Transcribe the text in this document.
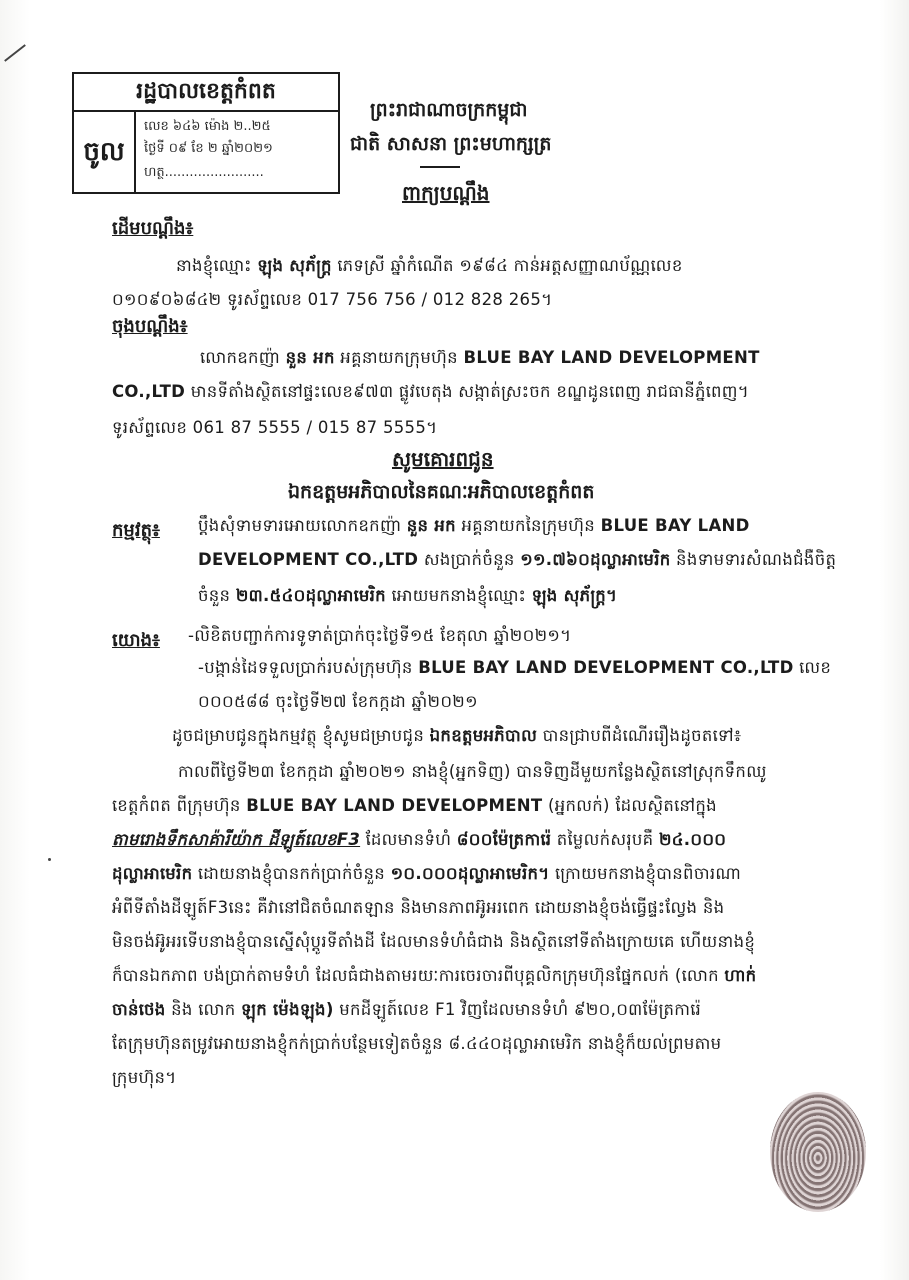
រដ្ឋបាលខេត្តកំពត
ចូល
លេខ ៦៤៦ ម៉ោង ២..២៥
ថ្ងៃទី ០៩ ខែ ២ ឆ្នាំ២០២១
ហត្ថ........................
ព្រះរាជាណាចក្រកម្ពុជា
ជាតិ សាសនា ព្រះមហាក្សត្រ
ពាក្យបណ្តឹង
ដើមបណ្តឹង៖
នាងខ្ញុំឈ្មោះ ឡុង សុភ័ក្រ្ត ភេទស្រី ឆ្នាំកំណើត ១៩៨៤ កាន់អត្តសញ្ញាណប័ណ្ណលេខ
០១០៩០៦៨៤២ ទូរស័ព្ទលេខ 017 756 756 / 012 828 265។
ចុងបណ្តឹង៖
លោកឧកញ៉ា នួន អក អគ្គនាយកក្រុមហ៊ុន BLUE BAY LAND DEVELOPMENT
CO.,LTD មានទីតាំងស្ថិតនៅផ្ទះលេខ៩៧៣ ផ្លូវបេតុង សង្កាត់ស្រះចក ខណ្ឌដូនពេញ រាជធានីភ្នំពេញ។
ទូរស័ព្ទលេខ 061 87 5555 / 015 87 5555។
សូមគោរពជូន
ឯកឧត្តមអភិបាលនៃគណៈអភិបាលខេត្តកំពត
កម្មវត្ថុ៖ ប្តឹងសុំទាមទារអោយលោកឧកញ៉ា នួន អក អគ្គនាយកនៃក្រុមហ៊ុន BLUE BAY LAND
DEVELOPMENT CO.,LTD សងប្រាក់ចំនួន ១១.៧៦០ដុល្លាអាមេរិក និងទាមទារសំណងជំងឺចិត្ត
ចំនួន ២៣.៥៤០ដុល្លាអាមេរិក អោយមកនាងខ្ញុំឈ្មោះ ឡុង សុភ័ក្រ្ត។
យោង៖ -លិខិតបញ្ជាក់ការទូទាត់ប្រាក់ចុះថ្ងៃទី១៥ ខែតុលា ឆ្នាំ២០២១។
-បង្កាន់ដៃទទួលប្រាក់របស់ក្រុមហ៊ុន BLUE BAY LAND DEVELOPMENT CO.,LTD លេខ
០០០៥៨៨ ចុះថ្ងៃទី២៧ ខែកក្កដា ឆ្នាំ២០២១
ដូចជម្រាបជូនក្នុងកម្មវត្ថុ ខ្ញុំសូមជម្រាបជូន ឯកឧត្តមអភិបាល បានជ្រាបពីដំណើររឿងដូចតទៅ៖
កាលពីថ្ងៃទី២៣ ខែកក្កដា ឆ្នាំ២០២១ នាងខ្ញុំ(អ្នកទិញ) បានទិញដីមួយកន្លែងស្ថិតនៅស្រុកទឹកឈូ
ខេត្តកំពត ពីក្រុមហ៊ុន BLUE BAY LAND DEVELOPMENT (អ្នកលក់) ដែលស្ថិតនៅក្នុង
តាមរោងទឹកសាគ៉ារីយ៉ាក ដីឡូត៍លេខF3 ដែលមានទំហំ ៨០០ម៉ែត្រការ៉េ តម្លៃលក់សរុបគឺ ២៤.០០០
ដុល្លាអាមេរិក ដោយនាងខ្ញុំបានកក់ប្រាក់ចំនួន ១០.០០០ដុល្លាអាមេរិក។ ក្រោយមកនាងខ្ញុំបានពិចារណា
អំពីទីតាំងដីឡូត៍F3នេះ គឺវានៅជិតចំណតឡាន និងមានភាពអ៊ូអរពេក ដោយនាងខ្ញុំចង់ធ្វើផ្ទះល្វែង និង
មិនចង់អ៊ូអរទើបនាងខ្ញុំបានស្នើសុំប្តូរទីតាំងដី ដែលមានទំហំធំជាង និងស្ថិតនៅទីតាំងក្រោយគេ ហើយនាងខ្ញុំ
ក៏បានឯកភាព បង់ប្រាក់តាមទំហំ ដែលធំជាងតាមរយៈការចេរចារពីបុគ្គលិកក្រុមហ៊ុនផ្នែកលក់ (លោក ហាក់
ចាន់ថេង និង លោក ឡុក ម៉េងឡុង) មកដីឡូត៍លេខ F1 វិញដែលមានទំហំ ៩២០,០៣ម៉ែត្រការ៉េ
តែក្រុមហ៊ុនតម្រូវអោយនាងខ្ញុំកក់ប្រាក់បន្ថែមទៀតចំនួន ៨.៤៤០ដុល្លាអាមេរិក នាងខ្ញុំក៏យល់ព្រមតាម
ក្រុមហ៊ុន។
